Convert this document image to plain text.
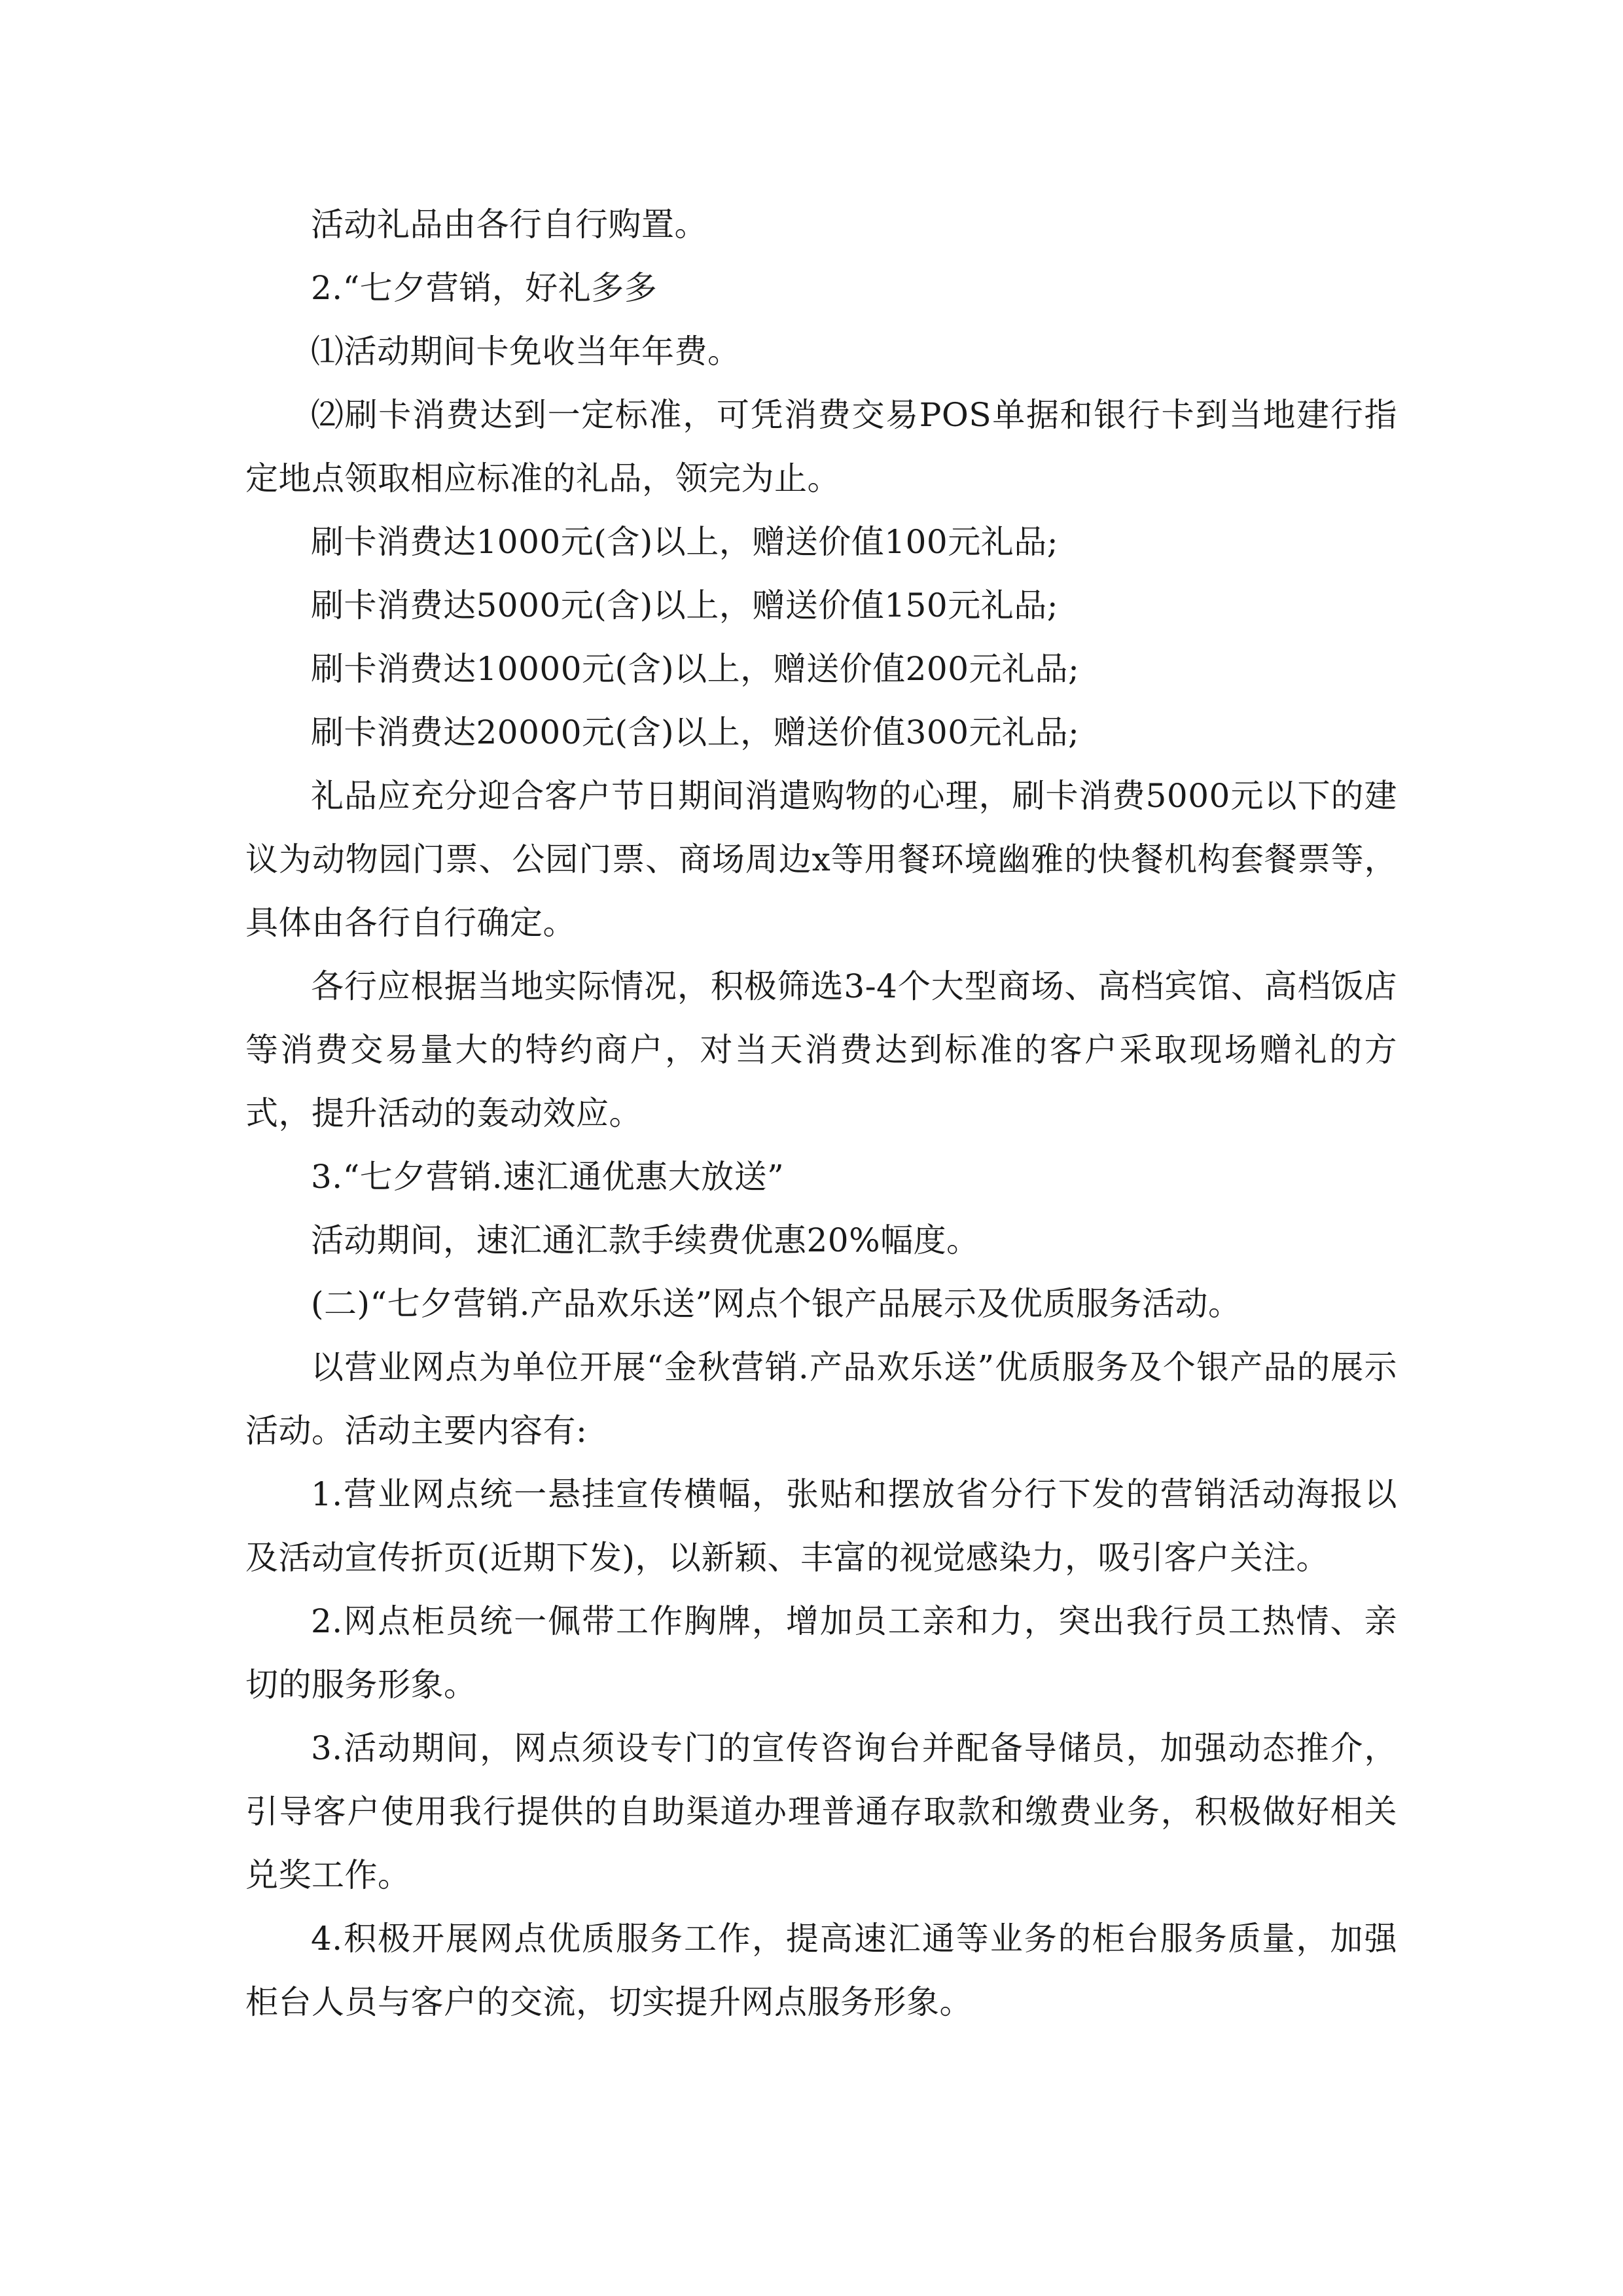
活动礼品由各行自行购置。

2.“七夕营销，好礼多多

⑴活动期间卡免收当年年费。

⑵刷卡消费达到一定标准，可凭消费交易POS单据和银行卡到当地建行指定地点领取相应标准的礼品，领完为止。

刷卡消费达1000元(含)以上，赠送价值100元礼品;

刷卡消费达5000元(含)以上，赠送价值150元礼品;

刷卡消费达10000元(含)以上，赠送价值200元礼品;

刷卡消费达20000元(含)以上，赠送价值300元礼品;

礼品应充分迎合客户节日期间消遣购物的心理，刷卡消费5000元以下的建议为动物园门票、公园门票、商场周边x等用餐环境幽雅的快餐机构套餐票等，具体由各行自行确定。

各行应根据当地实际情况，积极筛选3-4个大型商场、高档宾馆、高档饭店等消费交易量大的特约商户，对当天消费达到标准的客户采取现场赠礼的方式，提升活动的轰动效应。

3.“七夕营销.速汇通优惠大放送”

活动期间，速汇通汇款手续费优惠20%幅度。

(二)“七夕营销.产品欢乐送”网点个银产品展示及优质服务活动。

以营业网点为单位开展“金秋营销.产品欢乐送”优质服务及个银产品的展示活动。活动主要内容有:

1.营业网点统一悬挂宣传横幅，张贴和摆放省分行下发的营销活动海报以及活动宣传折页(近期下发)，以新颖、丰富的视觉感染力，吸引客户关注。

2.网点柜员统一佩带工作胸牌，增加员工亲和力，突出我行员工热情、亲切的服务形象。

3.活动期间，网点须设专门的宣传咨询台并配备导储员，加强动态推介，引导客户使用我行提供的自助渠道办理普通存取款和缴费业务，积极做好相关兑奖工作。

4.积极开展网点优质服务工作，提高速汇通等业务的柜台服务质量，加强柜台人员与客户的交流，切实提升网点服务形象。
